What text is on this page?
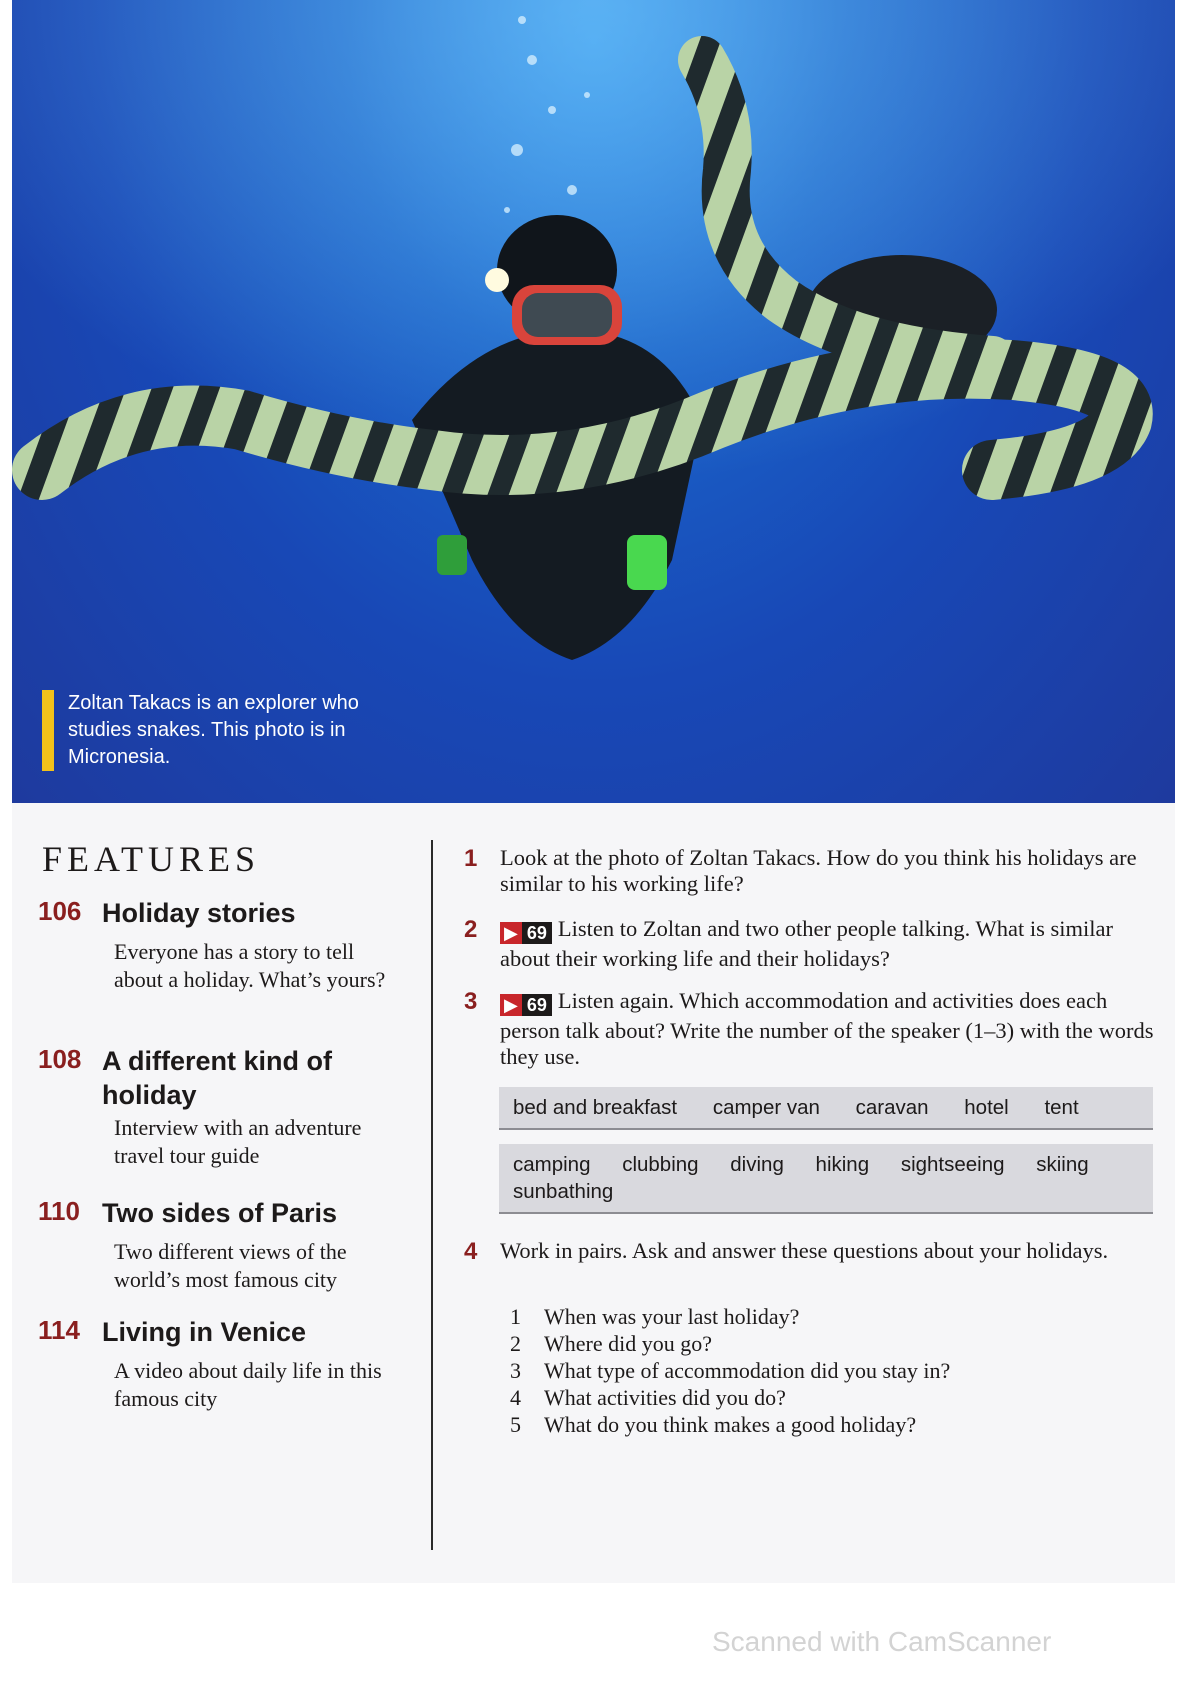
Zoltan Takacs is an explorer who studies snakes. This photo is in Micronesia.
FEATURES
106 Holiday stories
Everyone has a story to tell about a holiday. What’s yours?
108 A different kind of holiday
Interview with an adventure travel tour guide
110 Two sides of Paris
Two different views of the world’s most famous city
114 Living in Venice
A video about daily life in this famous city
1 Look at the photo of Zoltan Takacs. How do you think his holidays are similar to his working life?
2 ▶ 69 Listen to Zoltan and two other people talking. What is similar about their working life and their holidays?
3 ▶ 69 Listen again. Which accommodation and activities does each person talk about? Write the number of the speaker (1–3) with the words they use.
bed and breakfast camper van caravan hotel tent
camping clubbing diving hiking sightseeing skiing sunbathing
4 Work in pairs. Ask and answer these questions about your holidays.
1	When was your last holiday?
2	Where did you go?
3	What type of accommodation did you stay in?
4	What activities did you do?
5	What do you think makes a good holiday?
Scanned with CamScanner
